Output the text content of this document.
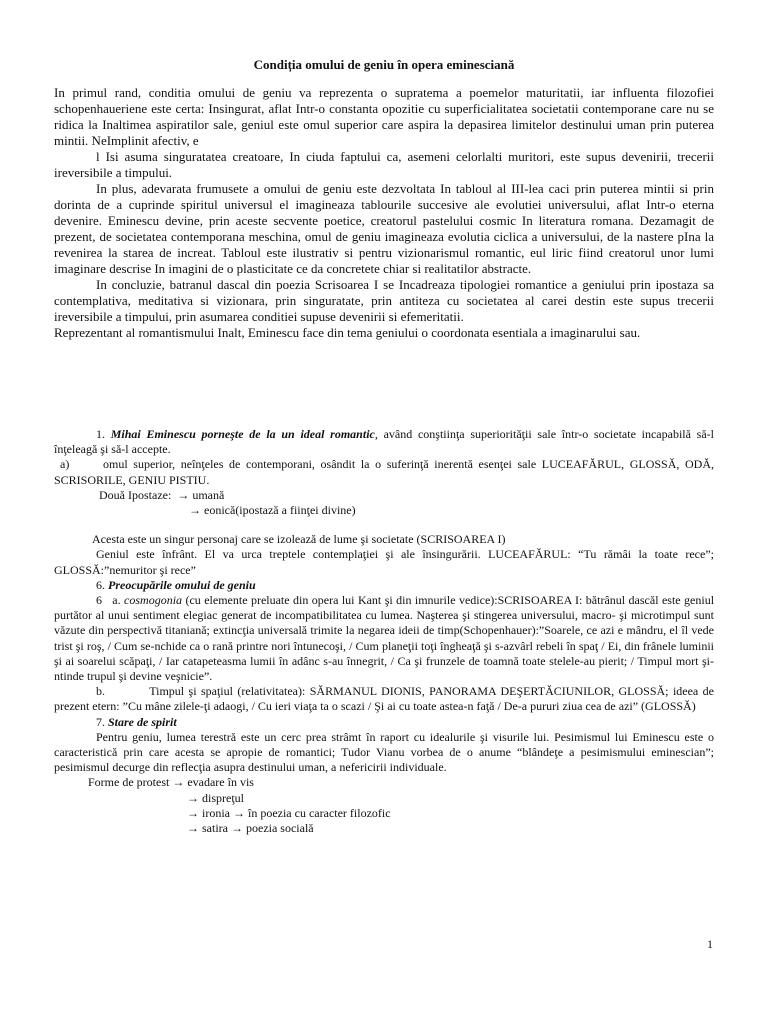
Condiția omului de geniu în opera eminesciană

In primul rand, conditia omului de geniu va reprezenta o supratema a poemelor maturitatii, iar influenta filozofiei schopenhaueriene este certa: Insingurat, aflat Intr-o constanta opozitie cu superficialitatea societatii contemporane care nu se ridica la Inaltimea aspiratilor sale, geniul este omul superior care aspira la depasirea limitelor destinului uman prin puterea mintii. NeImplinit afectiv, e

l Isi asuma singuratatea creatoare, In ciuda faptului ca, asemeni celorlalti muritori, este supus devenirii, trecerii ireversibile a timpului.

In plus, adevarata frumusete a omului de geniu este dezvoltata In tabloul al III-lea caci prin puterea mintii si prin dorinta de a cuprinde spiritul universul el imagineaza tablourile succesive ale evolutiei universului, aflat Intr-o eterna devenire. Eminescu devine, prin aceste secvente poetice, creatorul pastelului cosmic In literatura romana. Dezamagit de prezent, de societatea contemporana meschina, omul de geniu imagineaza evolutia ciclica a universului, de la nastere pIna la revenirea la starea de increat. Tabloul este ilustrativ si pentru vizionarismul romantic, eul liric fiind creatorul unor lumi imaginare descrise In imagini de o plasticitate ce da concretete chiar si realitatilor abstracte.

In concluzie, batranul dascal din poezia Scrisoarea I se Incadreaza tipologiei romantice a geniului prin ipostaza sa contemplativa, meditativa si vizionara, prin singuratate, prin antiteza cu societatea al carei destin este supus trecerii ireversibile a timpului, prin asumarea conditiei supuse devenirii si efemeritatii.

Reprezentant al romantismului Inalt, Eminescu face din tema geniului o coordonata esentiala a imaginarului sau.

1. Mihai Eminescu porneşte de la un ideal romantic, având conştiinţa superiorităţii sale într-o societate incapabilă să-l înţeleagă şi să-l accepte.

a)	omul superior, neînţeles de contemporani, osândit la o suferinţă inerentă esenţei sale LUCEAFĂRUL, GLOSSĂ, ODĂ, SCRISORILE, GENIU PISTIU.

Două Ipostaze: → umană
→ eonică(ipostază a fiinţei divine)

Acesta este un singur personaj care se izolează de lume şi societate (SCRISOAREA I)

Geniul este înfrânt. El va urca treptele contemplaţiei şi ale însingurării. LUCEAFĂRUL: “Tu rămâi la toate rece”; GLOSSĂ:”nemuritor şi rece”

6. Preocupările omului de geniu

6 a. cosmogonia (cu elemente preluate din opera lui Kant şi din imnurile vedice):SCRISOAREA I: bătrânul dascăl este geniul purtător al unui sentiment elegiac generat de incompatibilitatea cu lumea. Naşterea şi stingerea universului, macro- şi microtimpul sunt văzute din perspectivă titaniană; extincţia universală trimite la negarea ideii de timp(Schopenhauer):”Soarele, ce azi e mândru, el îl vede trist şi roş, / Cum se-nchide ca o rană printre nori întunecoşi, / Cum planeţii toţi îngheaţă şi s-azvârl rebeli în spaţ / Ei, din frânele luminii şi ai soarelui scăpaţi, / Iar catapeteasma lumii în adânc s-au înnegrit, / Ca şi frunzele de toamnă toate stelele-au pierit; / Timpul mort şi-ntinde trupul şi devine veşnicie”.

b.	Timpul şi spaţiul (relativitatea): SĂRMANUL DIONIS, PANORAMA DEŞERTĂCIUNILOR, GLOSSĂ; ideea de prezent etern: ”Cu mâne zilele-ţi adaogi, / Cu ieri viaţa ta o scazi / Şi ai cu toate astea-n faţă / De-a pururi ziua cea de azi” (GLOSSĂ)

7. Stare de spirit

Pentru geniu, lumea terestră este un cerc prea strâmt în raport cu idealurile şi visurile lui. Pesimismul lui Eminescu este o caracteristică prin care acesta se apropie de romantici; Tudor Vianu vorbea de o anume “blândeţe a pesimismului eminescian”; pesimismul decurge din reflecţia asupra destinului uman, a nefericirii individuale.

Forme de protest → evadare în vis
→ dispreţul
→ ironia → în poezia cu caracter filozofic
→ satira → poezia socială
1
